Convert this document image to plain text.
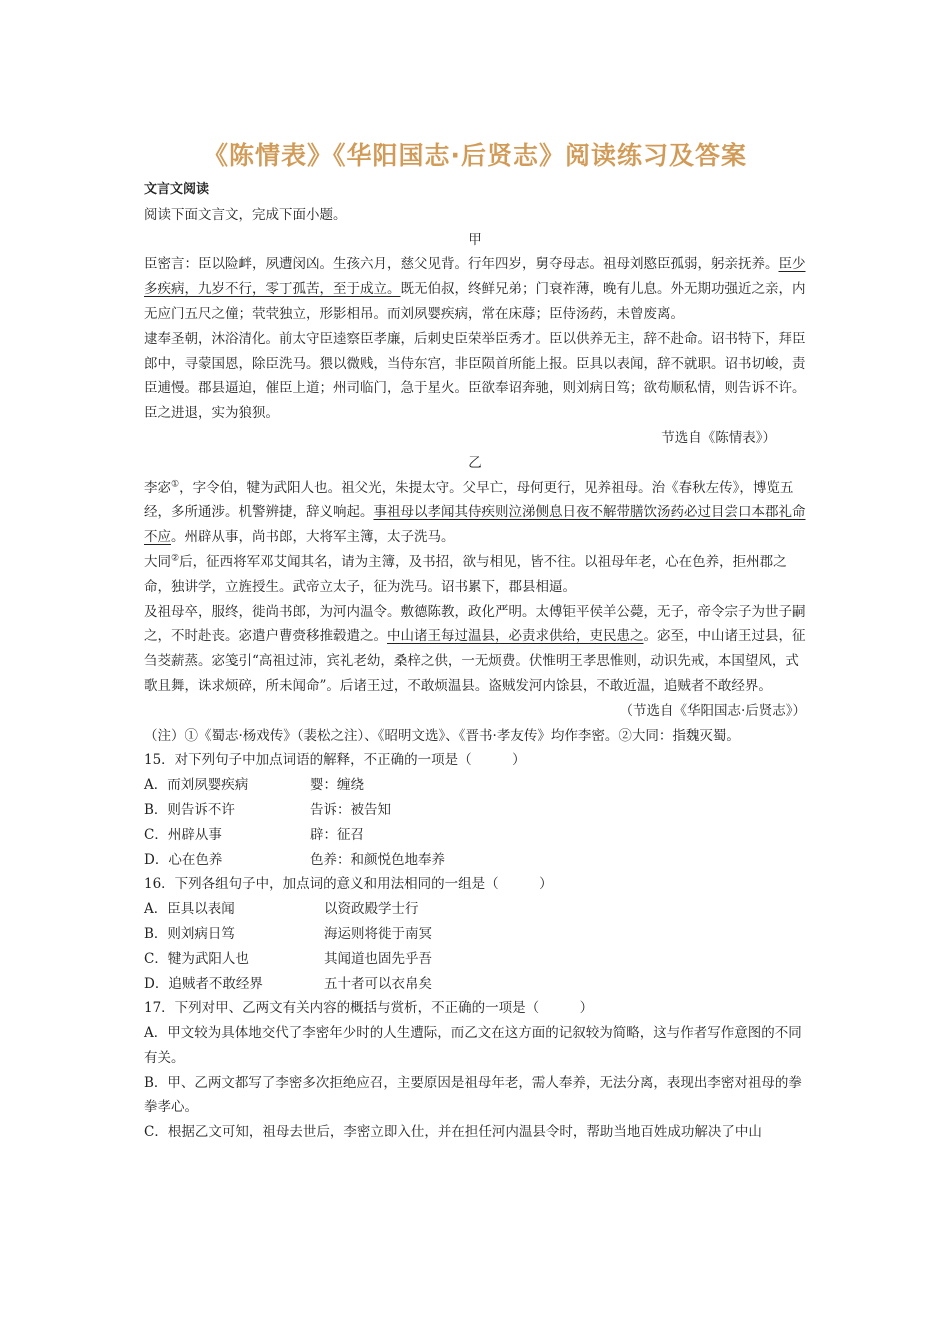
《陈情表》《华阳国志·后贤志》阅读练习及答案

文言文阅读

阅读下面文言文，完成下面小题。

甲

臣密言：臣以险衅，夙遭闵凶。生孩六月，慈父见背。行年四岁，舅夺母志。祖母刘愍臣孤弱，躬亲抚养。臣少多疾病，九岁不行，零丁孤苦，至于成立。既无伯叔，终鲜兄弟；门衰祚薄，晚有儿息。外无期功强近之亲，内无应门五尺之僮；茕茕独立，形影相吊。而刘夙婴疾病，常在床蓐；臣侍汤药，未曾废离。

逮奉圣朝，沐浴清化。前太守臣逵察臣孝廉，后刺史臣荣举臣秀才。臣以供养无主，辞不赴命。诏书特下，拜臣郎中，寻蒙国恩，除臣洗马。猥以微贱，当侍东宫，非臣陨首所能上报。臣具以表闻，辞不就职。诏书切峻，责臣逋慢。郡县逼迫，催臣上道；州司临门，急于星火。臣欲奉诏奔驰，则刘病日笃；欲苟顺私情，则告诉不许。臣之进退，实为狼狈。

节选自《陈情表》）

乙

李宓①，字令伯，犍为武阳人也。祖父光，朱提太守。父早亡，母何更行，见养祖母。治《春秋左传》，博览五经，多所通涉。机警辨捷，辞义响起。事祖母以孝闻其侍疾则泣涕侧息日夜不解带膳饮汤药必过目尝口本郡礼命不应。州辟从事，尚书郎，大将军主簿，太子洗马。

大同②后，征西将军邓艾闻其名，请为主簿，及书招，欲与相见，皆不往。以祖母年老，心在色养，拒州郡之命，独讲学，立旌授生。武帝立太子，征为洗马。诏书累下，郡县相逼。

及祖母卒，服终，徙尚书郎，为河内温令。敷德陈教，政化严明。太傅钜平侯羊公薨，无子，帝令宗子为世子嗣之，不时赴丧。宓遣户曹赍移推毂遣之。中山诸王每过温县，必责求供给，吏民患之。宓至，中山诸王过县，征刍茭薪蒸。宓笺引“高祖过沛，宾礼老幼，桑梓之供，一无烦费。伏惟明王孝思惟则，动识先戒，本国望风，式歌且舞，诛求烦碎，所未闻命”。后诸王过，不敢烦温县。盗贼发河内馀县，不敢近温，追贼者不敢经界。

（节选自《华阳国志·后贤志》）

（注）①《蜀志·杨戏传》（裴松之注）、《昭明文选》、《晋书·孝友传》均作李密。②大同：指魏灭蜀。

15．对下列句子中加点词语的解释，不正确的一项是（　　　）

A．而刘夙婴疾病	婴：缠绕
B．则告诉不许	告诉：被告知
C．州辟从事	辟：征召
D．心在色养	色养：和颜悦色地奉养

16．下列各组句子中，加点词的意义和用法相同的一组是（　　　）

A．臣具以表闻	以资政殿学士行
B．则刘病日笃	海运则将徙于南冥
C．犍为武阳人也	其闻道也固先乎吾
D．追贼者不敢经界	五十者可以衣帛矣

17．下列对甲、乙两文有关内容的概括与赏析，不正确的一项是（　　　）

A．甲文较为具体地交代了李密年少时的人生遭际，而乙文在这方面的记叙较为简略，这与作者写作意图的不同有关。

B．甲、乙两文都写了李密多次拒绝应召，主要原因是祖母年老，需人奉养，无法分离，表现出李密对祖母的拳拳孝心。

C．根据乙文可知，祖母去世后，李密立即入仕，并在担任河内温县令时，帮助当地百姓成功解决了中山
